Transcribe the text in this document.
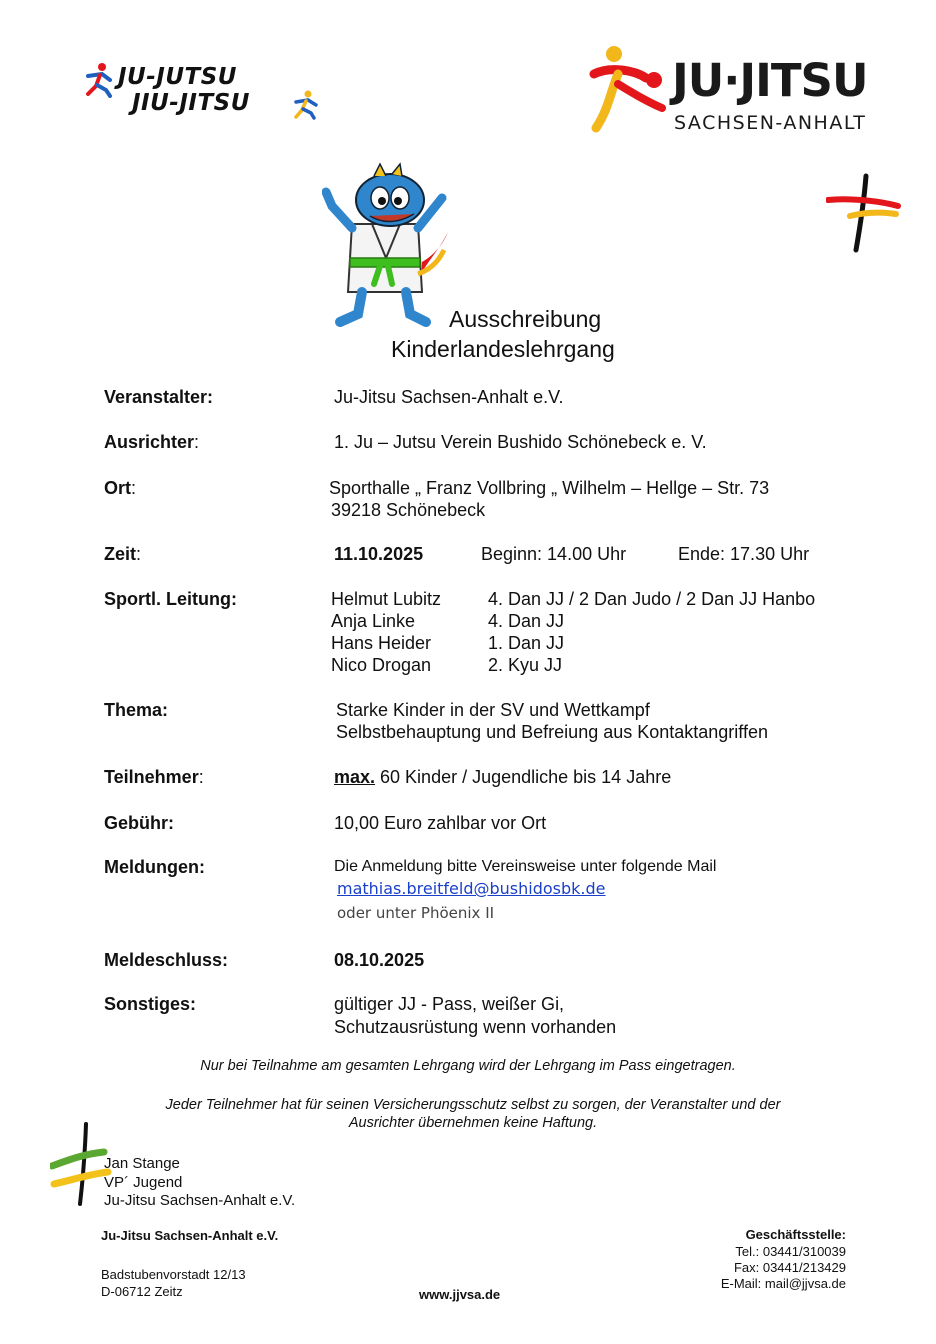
JU-JUTSU
JIU-JITSU	JU·JITSU
SACHSEN-ANHALT
Ausschreibung
Kinderlandeslehrgang
Veranstalter:	Ju-Jitsu Sachsen-Anhalt e.V.
Ausrichter:	1. Ju – Jutsu Verein Bushido Schönebeck e. V.
Ort:	Sporthalle „ Franz Vollbring „ Wilhelm – Hellge – Str. 73
39218 Schönebeck
Zeit:	11.10.2025	Beginn: 14.00 Uhr	Ende: 17.30 Uhr
Sportl. Leitung:	Helmut Lubitz	4. Dan JJ / 2 Dan Judo / 2 Dan JJ Hanbo
Anja Linke	4. Dan JJ
Hans Heider	1. Dan JJ
Nico Drogan	2. Kyu JJ
Thema:	Starke Kinder in der SV und Wettkampf
Selbstbehauptung und Befreiung aus Kontaktangriffen
Teilnehmer:	max. 60 Kinder / Jugendliche bis 14 Jahre
Gebühr:	10,00 Euro zahlbar vor Ort
Meldungen:	Die Anmeldung bitte Vereinsweise unter folgende Mail
mathias.breitfeld@bushidosbk.de
oder unter Phöenix II
Meldeschluss:	08.10.2025
Sonstiges:	gültiger JJ - Pass, weißer Gi,
Schutzausrüstung wenn vorhanden
Nur bei Teilnahme am gesamten Lehrgang wird der Lehrgang im Pass eingetragen.
Jeder Teilnehmer hat für seinen Versicherungsschutz selbst zu sorgen, der Veranstalter und der
Ausrichter übernehmen keine Haftung.
Jan Stange
VP´ Jugend
Ju-Jitsu Sachsen-Anhalt e.V.
Ju-Jitsu Sachsen-Anhalt e.V.
Badstubenvorstadt 12/13
D-06712 Zeitz	www.jjvsa.de
Geschäftsstelle:
Tel.: 03441/310039
Fax: 03441/213429
E-Mail: mail@jjvsa.de
